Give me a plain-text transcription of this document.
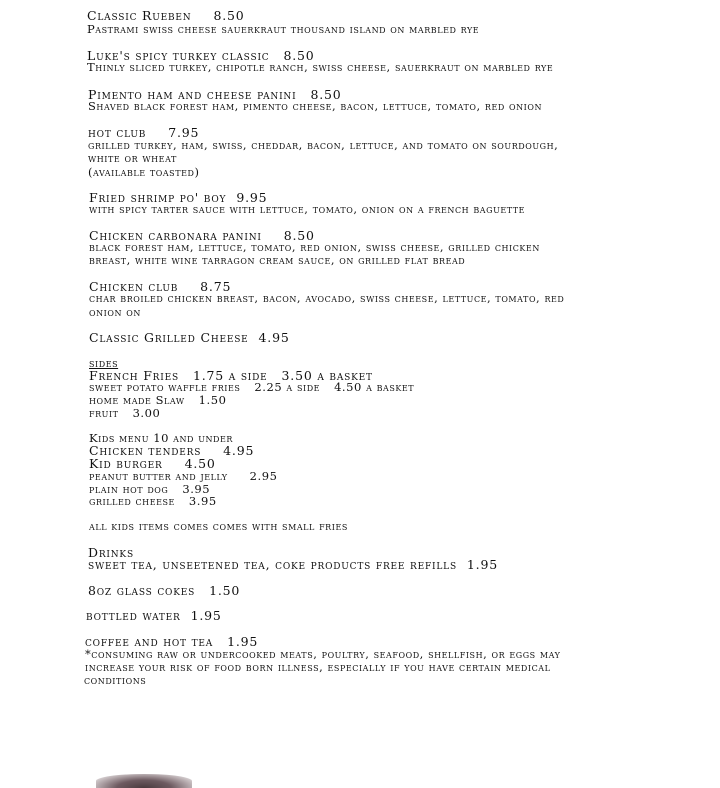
Classic Rueben 8.50
Pastrami swiss cheese sauerkraut thousand island on marbled rye
Luke's spicy turkey classic 8.50
Thinly sliced turkey, chipotle ranch, swiss cheese, sauerkraut on marbled rye
Pimento ham and cheese panini 8.50
Shaved black forest ham, pimento cheese, bacon, lettuce, tomato, red onion
hot club 7.95
grilled turkey, ham, swiss, cheddar, bacon, lettuce, and tomato on sourdough,
white or wheat
(available toasted)
Fried shrimp po' boy 9.95
with spicy tarter sauce with lettuce, tomato, onion on a french baguette
Chicken carbonara panini 8.50
black forest ham, lettuce, tomato, red onion, swiss cheese, grilled chicken
breast, white wine tarragon cream sauce, on grilled flat bread
Chicken club 8.75
char broiled chicken breast, bacon, avocado, swiss cheese, lettuce, tomato, red
onion on
Classic Grilled Cheese 4.95
sides
French Fries 1.75 a side 3.50 a basket
sweet potato waffle fries 2.25 a side 4.50 a basket
home made Slaw 1.50
fruit 3.00
Kids menu 10 and under
Chicken tenders 4.95
Kid burger 4.50
peanut butter and jelly 2.95
plain hot dog 3.95
grilled cheese 3.95
all kids items comes comes with small fries
Drinks
sweet tea, unseetened tea, coke products free refills 1.95
8oz glass cokes 1.50
bottled water 1.95
coffee and hot tea 1.95
*consuming raw or undercooked meats, poultry, seafood, shellfish, or eggs may
increase your risk of food born illness, especially if you have certain medical
conditions
